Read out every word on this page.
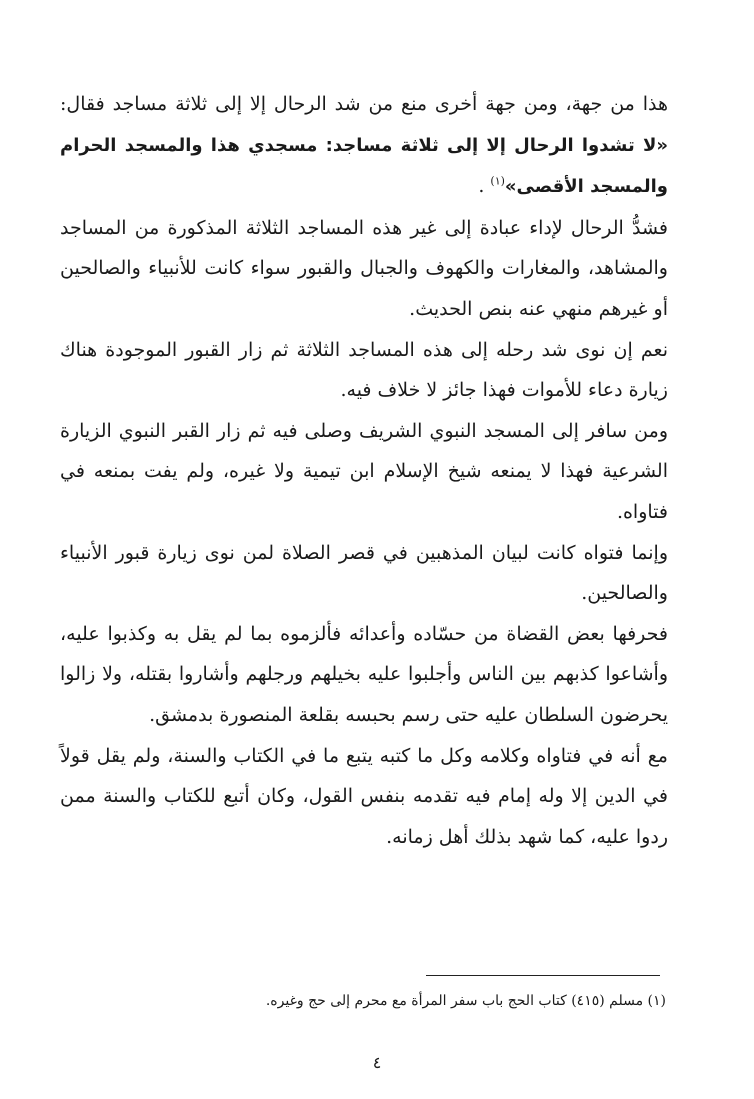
هذا من جهة، ومن جهة أخرى منع من شد الرحال إلا إلى ثلاثة مساجد فقال: «لا تشدوا الرحال إلا إلى ثلاثة مساجد: مسجدي هذا والمسجد الحرام والمسجد الأقصى»$^{(١)}$ .

فشدُّ الرحال لإداء عبادة إلى غير هذه المساجد الثلاثة المذكورة من المساجد والمشاهد، والمغارات والكهوف والجبال والقبور سواء كانت للأنبياء والصالحين أو غيرهم منهي عنه بنص الحديث.

نعم إن نوى شد رحله إلى هذه المساجد الثلاثة ثم زار القبور الموجودة هناك زيارة دعاء للأموات فهذا جائز لا خلاف فيه.

ومن سافر إلى المسجد النبوي الشريف وصلى فيه ثم زار القبر النبوي الزيارة الشرعية فهذا لا يمنعه شيخ الإسلام ابن تيمية ولا غيره، ولم يفت بمنعه في فتاواه.

وإنما فتواه كانت لبيان المذهبين في قصر الصلاة لمن نوى زيارة قبور الأنبياء والصالحين.

فحرفها بعض القضاة من حسّاده وأعدائه فألزموه بما لم يقل به وكذبوا عليه، وأشاعوا كذبهم بين الناس وأجلبوا عليه بخيلهم ورجلهم وأشاروا بقتله، ولا زالوا يحرضون السلطان عليه حتى رسم بحبسه بقلعة المنصورة بدمشق.

مع أنه في فتاواه وكلامه وكل ما كتبه يتبع ما في الكتاب والسنة، ولم يقل قولاً في الدين إلا وله إمام فيه تقدمه بنفس القول، وكان أتبع للكتاب والسنة ممن ردوا عليه، كما شهد بذلك أهل زمانه.

(١) مسلم (٤١٥) كتاب الحج باب سفر المرأة مع محرم إلى حج وغيره.
٤
